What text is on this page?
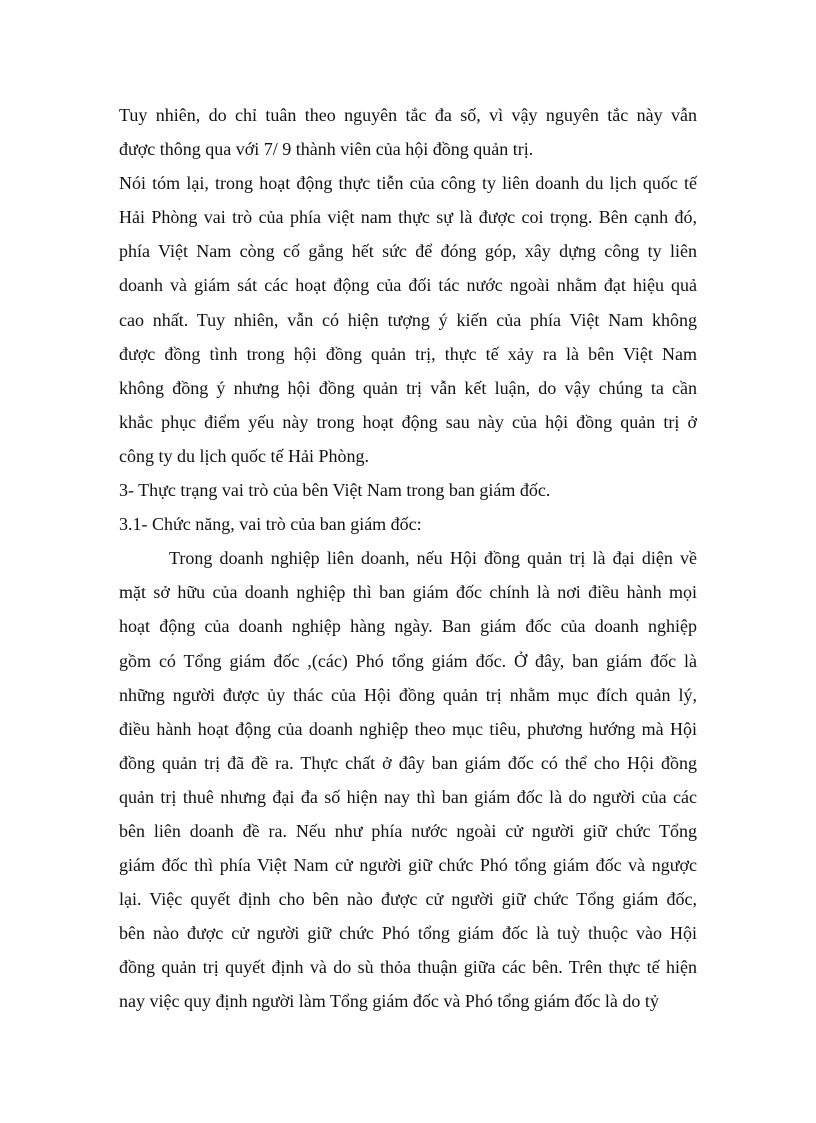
Tuy nhiên, do chỉ tuân theo nguyên tắc đa số, vì vậy nguyên tắc này vẫn
được thông qua với 7/ 9 thành viên của hội đồng quản trị.
Nói tóm lại, trong hoạt động thực tiễn của công ty liên doanh du lịch quốc tế
Hải Phòng vai trò của phía việt nam thực sự là được coi trọng. Bên cạnh đó,
phía Việt Nam còng cố gắng hết sức để đóng góp, xây dựng công ty liên
doanh và giám sát các hoạt động của đối tác nước ngoài nhằm đạt hiệu quả
cao nhất. Tuy nhiên, vẫn có hiện tượng ý kiến của phía Việt Nam không
được đồng tình trong hội đồng quản trị, thực tế xảy ra là bên Việt Nam
không đồng ý nhưng hội đồng quản trị vẫn kết luận, do vậy chúng ta cần
khắc phục điểm yếu này trong hoạt động sau này của hội đồng quản trị ở
công ty du lịch quốc tế Hải Phòng.
3- Thực trạng vai trò của bên Việt Nam trong ban giám đốc.
3.1- Chức năng, vai trò của ban giám đốc:
Trong doanh nghiệp liên doanh, nếu Hội đồng quản trị là đại diện về
mặt sở hữu của doanh nghiệp thì ban giám đốc chính là nơi điều hành mọi
hoạt động của doanh nghiệp hàng ngày. Ban giám đốc của doanh nghiệp
gồm có Tổng giám đốc ,(các) Phó tổng giám đốc. Ở đây, ban giám đốc là
những người được ủy thác của Hội đồng quản trị nhằm mục đích quản lý,
điều hành hoạt động của doanh nghiệp theo mục tiêu, phương hướng mà Hội
đồng quản trị đã đề ra. Thực chất ở đây ban giám đốc có thể cho Hội đồng
quản trị thuê nhưng đại đa số hiện nay thì ban giám đốc là do người của các
bên liên doanh đề ra. Nếu như phía nước ngoài cử người giữ chức Tổng
giám đốc thì phía Việt Nam cử người giữ chức Phó tổng giám đốc và ngược
lại. Việc quyết định cho bên nào được cử người giữ chức Tổng giám đốc,
bên nào được cử người giữ chức Phó tổng giám đốc là tuỳ thuộc vào Hội
đồng quản trị quyết định và do sù thỏa thuận giữa các bên. Trên thực tế hiện
nay việc quy định người làm Tổng giám đốc và Phó tổng giám đốc là do tỷ
